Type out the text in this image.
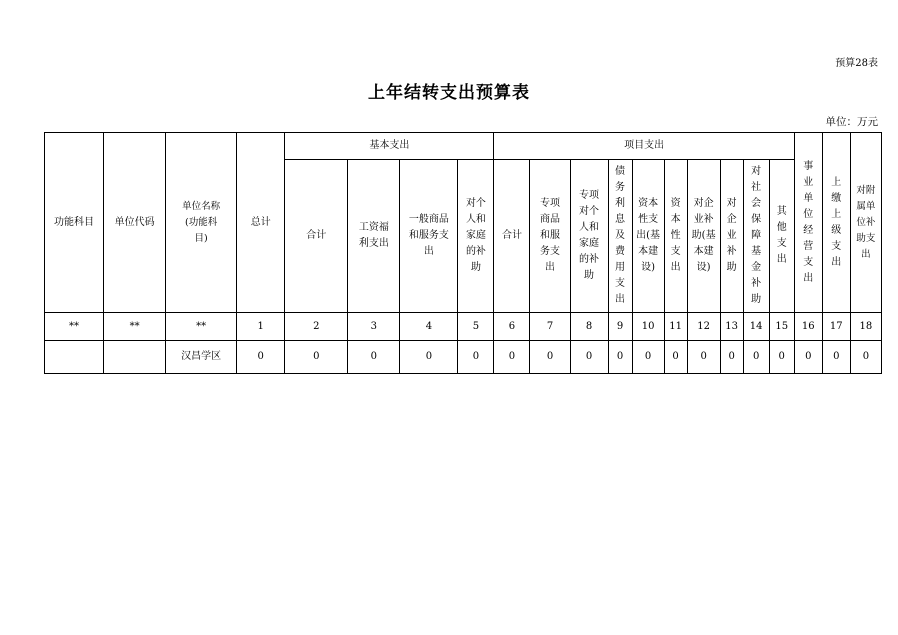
预算28表
上年结转支出预算表
单位：万元
功能科目	单位代码	单位名称(功能科目)	总计	基本支出				项目支出										事业单位经营支出	上缴上级支出	对附属单位补助支出
				合计	工资福利支出	一般商品和服务支出	对个人和家庭的补助	合计	专项商品和服务支出	专项对个人和家庭的补助	债务利息及费用支出	资本性支出(基本建设)	资本性支出	对企业补助(基本建设)	对企业补助	对社会保障基金补助	其他支出			
**	**	**	1	2	3	4	5	6	7	8	9	10	11	12	13	14	15	16	17	18
		汉昌学区	0	0	0	0	0	0	0	0	0	0	0	0	0	0	0	0	0	0
